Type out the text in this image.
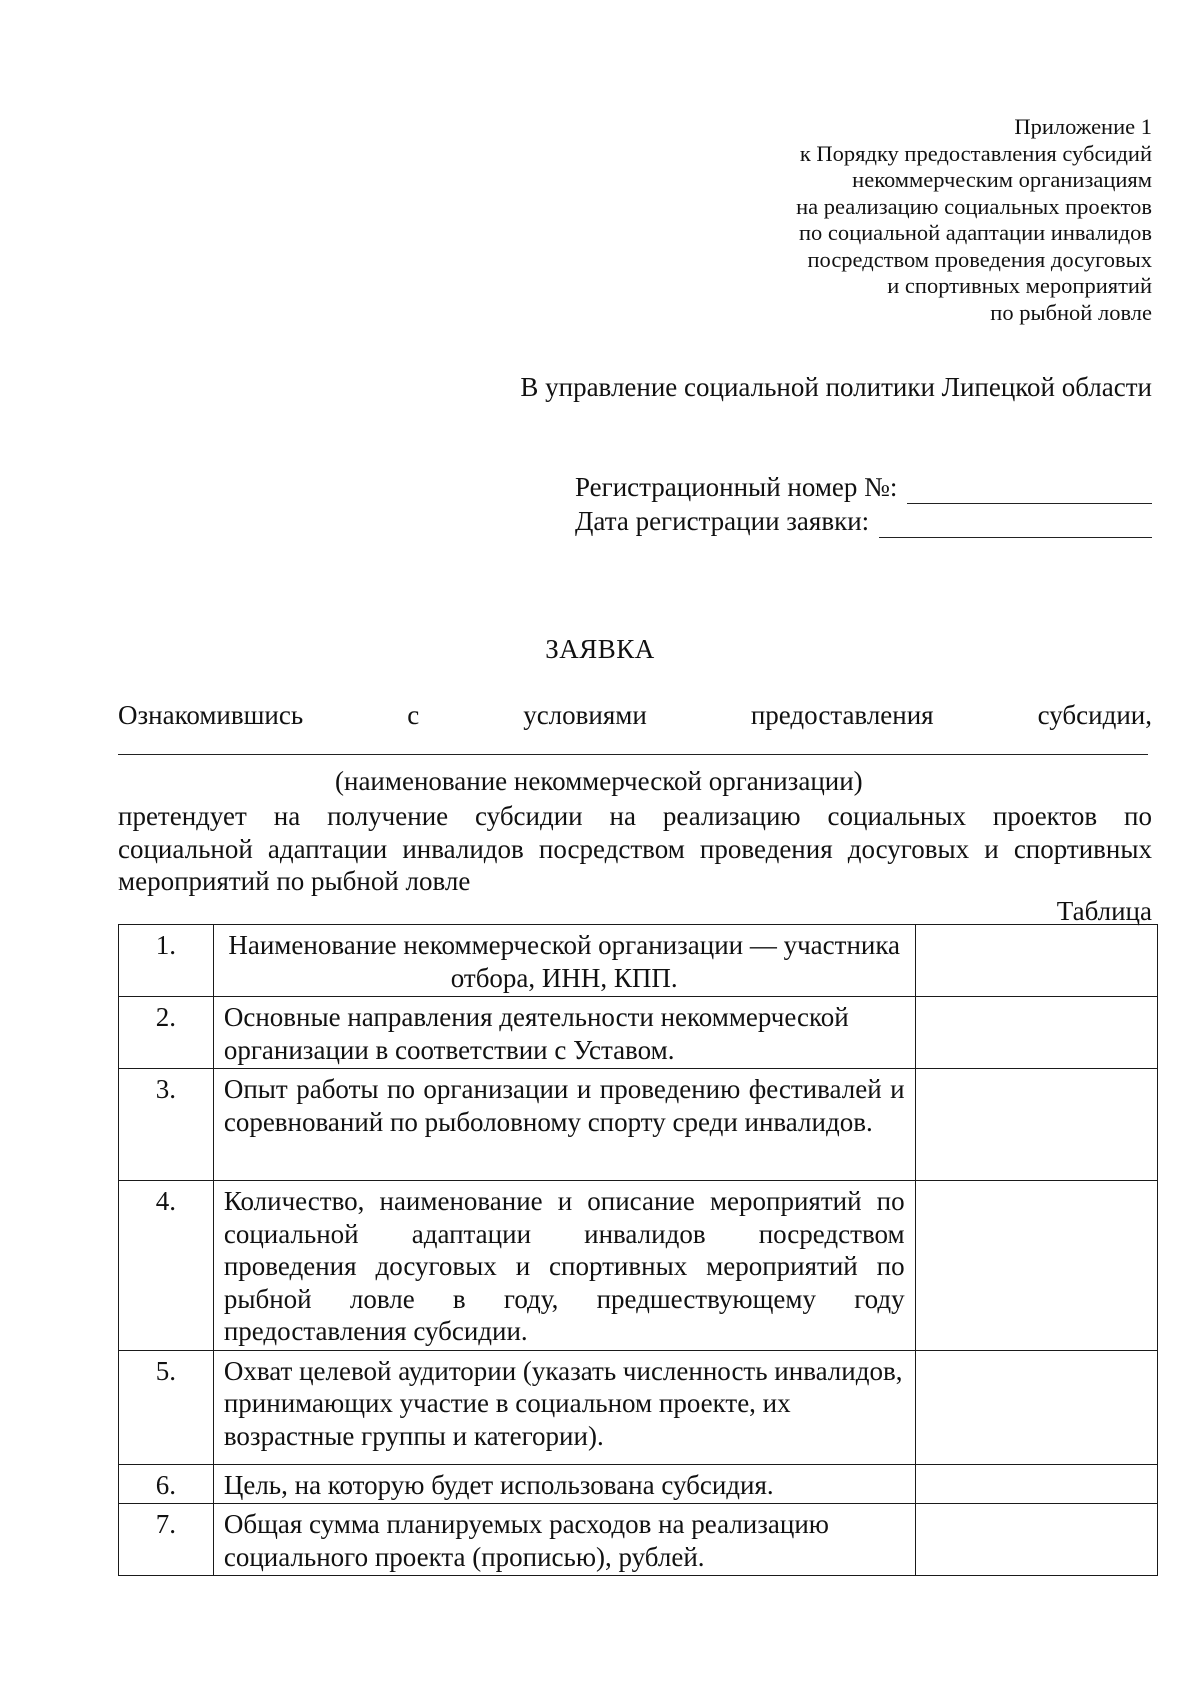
Приложение 1
к Порядку предоставления субсидий
некоммерческим организациям
на реализацию социальных проектов
по социальной адаптации инвалидов
посредством проведения досуговых
и спортивных мероприятий
по рыбной ловле
В управление социальной политики Липецкой области
Регистрационный номер №:
Дата регистрации заявки:
ЗАЯВКА
Ознакомившись	с	условиями	предоставления	субсидии,
(наименование некоммерческой организации)
претендует на получение субсидии на реализацию социальных проектов по
социальной адаптации инвалидов посредством проведения досуговых и спортивных
мероприятий по рыбной ловле
Таблица
1.	Наименование некоммерческой организации — участника отбора, ИНН, КПП.	
2.	Основные направления деятельности некоммерческой организации в соответствии с Уставом.	
3.	Опыт работы по организации и проведению фестивалей и соревнований по рыболовному спорту среди инвалидов.	
4.	Количество, наименование и описание мероприятий по социальной адаптации инвалидов посредством проведения досуговых и спортивных мероприятий по рыбной ловле в году, предшествующему году предоставления субсидии.	
5.	Охват целевой аудитории (указать численность инвалидов, принимающих участие в социальном проекте, их возрастные группы и категории).	
6.	Цель, на которую будет использована субсидия.	
7.	Общая сумма планируемых расходов на реализацию социального проекта (прописью), рублей.	
